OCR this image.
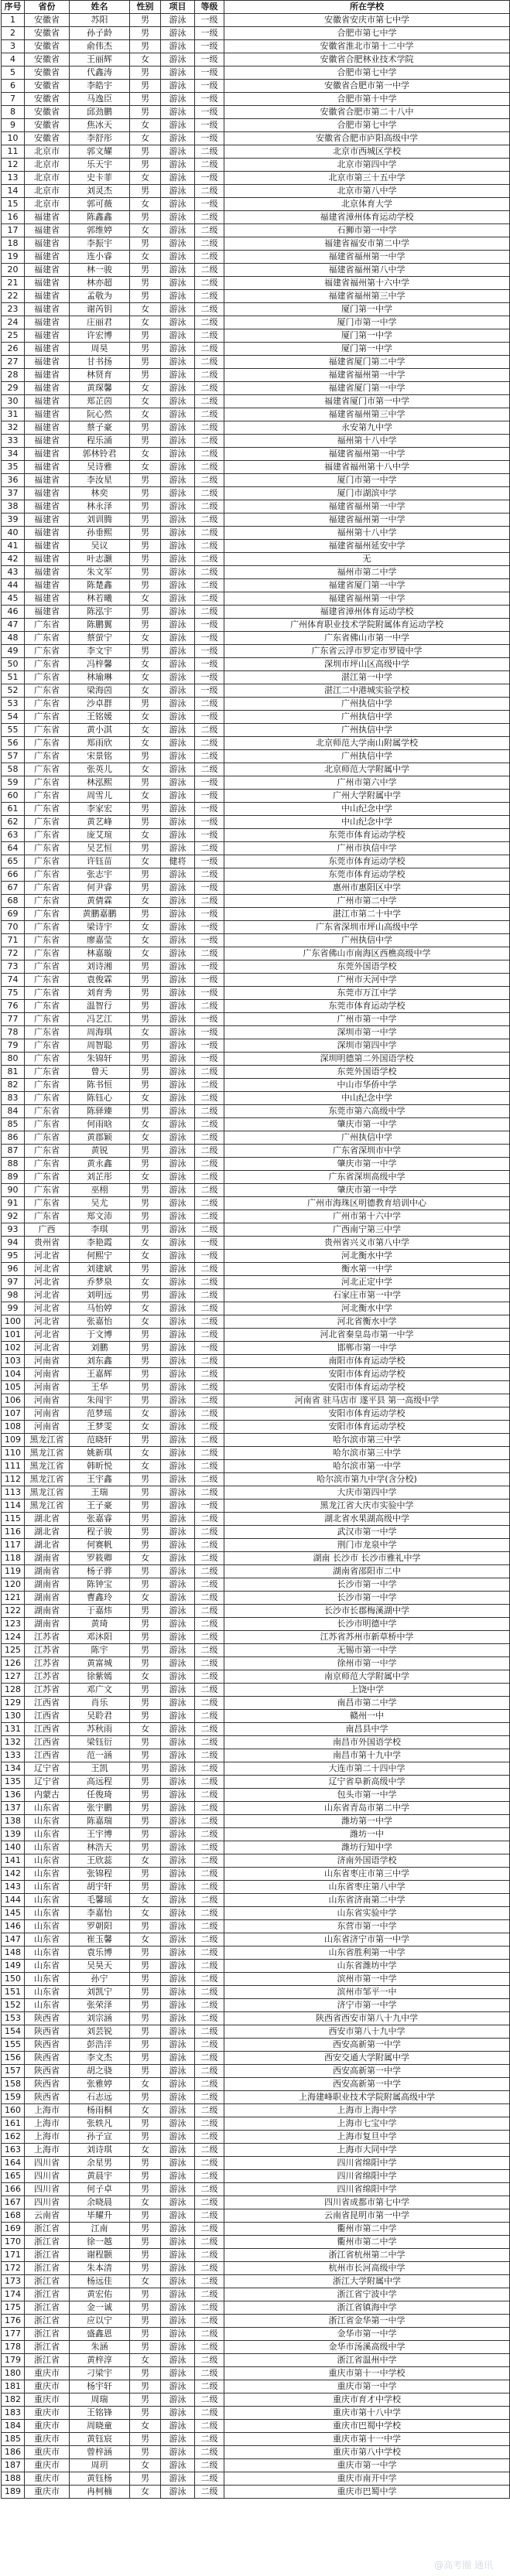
序号	省份	姓名	性别	项目	等级	所在学校
1	安徽省	苏阳	男	游泳	一级	安徽省安庆市第七中学
2	安徽省	孙子龄	男	游泳	一级	合肥市第七中学
3	安徽省	俞伟杰	男	游泳	一级	安徽省淮北市第十二中学
4	安徽省	王丽辉	女	游泳	一级	安徽省合肥林业技术学院
5	安徽省	代鑫涛	男	游泳	一级	合肥市第七中学
6	安徽省	李皓宇	男	游泳	一级	安徽省合肥市第一中学
7	安徽省	马逸臣	男	游泳	一级	合肥市第十中学
8	安徽省	邱劲鹏	男	游泳	一级	安徽省合肥市第二十八中
9	安徽省	焦冰天	女	游泳	一级	合肥市第七中学
10	安徽省	李舒彤	女	游泳	一级	安徽省合肥市庐阳高级中学
11	北京市	郭文耀	男	游泳	二级	北京市西城区学校
12	北京市	乐天宇	男	游泳	二级	北京市第四中学
13	北京市	史卡菲	女	游泳	一级	北京市第三十五中学
14	北京市	刘灵杰	男	游泳	二级	北京市第八中学
15	北京市	郭可薇	女	游泳	一级	北京体育大学
16	福建省	陈鑫鑫	男	游泳	二级	福建省漳州体育运动学校
17	福建省	郭维婷	女	游泳	二级	石狮市第一中学
18	福建省	李振宇	男	游泳	二级	福建省福安市第二中学
19	福建省	连小睿	女	游泳	二级	福建省福州第一中学
20	福建省	林一骏	男	游泳	二级	福建省福州第八中学
21	福建省	林亦超	男	游泳	二级	福建省福州第十六中学
22	福建省	孟敬为	男	游泳	二级	福建省福州第三中学
23	福建省	谢芮钥	女	游泳	二级	厦门第一中学
24	福建省	庄丽君	女	游泳	二级	厦门市第一中学
25	福建省	许宏博	男	游泳	二级	厦门第一中学
26	福建省	周昊	男	游泳	二级	厦门第一中学
27	福建省	甘书扬	男	游泳	二级	福建省厦门第二中学
28	福建省	林贤育	男	游泳	二级	福建省福州第一中学
29	福建省	黄琛馨	女	游泳	二级	福建省厦门第一中学
30	福建省	郑芷茵	女	游泳	二级	福建省厦门市第一中学
31	福建省	阮心然	女	游泳	二级	福建省福州第三中学
32	福建省	蔡子豪	男	游泳	二级	永安第九中学
33	福建省	程乐涌	男	游泳	二级	福州第十八中学
34	福建省	郭林铃君	女	游泳	二级	福建省福州第一中学
35	福建省	吴诗雅	女	游泳	二级	福建省福州第十八中学
36	福建省	李汝星	男	游泳	二级	厦门市第一中学
37	福建省	林奕	男	游泳	二级	厦门市湖滨中学
38	福建省	林永泽	男	游泳	二级	福建省福州第一中学
39	福建省	刘训腾	男	游泳	二级	福建省福州第一中学
40	福建省	孙垂熙	男	游泳	二级	福州第十八中学
41	福建省	吴议	男	游泳	二级	福建省福州延安中学
42	福建省	叶志灏	男	游泳	二级	无
43	福建省	朱文军	男	游泳	二级	福州市第二中学
44	福建省	陈楚鑫	男	游泳	二级	福建省厦门第一中学
45	福建省	林若曦	女	游泳	二级	福建省福州第一中学
46	福建省	陈泓宇	男	游泳	二级	福建省漳州体育运动学校
47	广东省	陈鹏翼	男	游泳	一级	广州体育职业技术学院附属体育运动学校
48	广东省	蔡萤宁	女	游泳	一级	广东省佛山市第一中学
49	广东省	李文宇	男	游泳	一级	广东省云浮市罗定市罗镜中学
50	广东省	冯梓馨	女	游泳	一级	深圳市坪山区高级中学
51	广东省	林瑜琳	女	游泳	一级	湛江第一中学
52	广东省	梁海茵	女	游泳	一级	湛江二中港城实验学校
53	广东省	沙卓群	男	游泳	二级	广州执信中学
54	广东省	王铭媛	女	游泳	一级	广州执信中学
55	广东省	黄小淇	女	游泳	二级	广州执信中学
56	广东省	郑雨欣	女	游泳	二级	北京师范大学南山附属学校
57	广东省	宋景铭	男	游泳	二级	广州执信中学
58	广东省	张英儿	女	游泳	二级	北京师范大学附属中学
59	广东省	林泓熙	男	游泳	一级	广州市第六中学
60	广东省	周雪儿	女	游泳	一级	广州大学附属中学
61	广东省	李家宏	男	游泳	一级	中山纪念中学
62	广东省	黄艺峰	男	游泳	一级	中山纪念中学
63	广东省	庞艾瑄	女	游泳	一级	东莞市体育运动学校
64	广东省	吴艺恒	男	游泳	二级	广州市执信中学
65	广东省	许钰苗	女	健将	一级	东莞市体育运动学校
66	广东省	张志宇	男	游泳	二级	东莞市体育运动学校
67	广东省	何尹睿	男	游泳	一级	惠州市惠阳区中学
68	广东省	黄倩霖	女	游泳	二级	广州市第二中学
69	广东省	黄鹏嘉鹏	男	游泳	一级	湛江市第二十中学
70	广东省	梁诗宇	女	游泳	一级	广东省深圳市坪山高级中学
71	广东省	廖嘉莹	女	游泳	一级	广州执信中学
72	广东省	林嘉璇	女	游泳	二级	广东省佛山市南海区西樵高级中学
73	广东省	刘诗湘	男	游泳	一级	东莞外国语学校
74	广东省	袁俊霖	男	游泳	一级	广州市天河中学
75	广东省	刘育秀	男	游泳	一级	东莞市万江中学
76	广东省	温智行	男	游泳	二级	东莞市体育运动学校
77	广东省	冯艺江	男	游泳	一级	广州市第一中学
78	广东省	周海琪	女	游泳	一级	深圳市第一中学
79	广东省	周智聪	男	游泳	一级	深圳市第四中学
80	广东省	朱锦轩	男	游泳	一级	深圳明德第二外国语学校
81	广东省	曾天	男	游泳	二级	东莞外国语学校
82	广东省	陈书恒	男	游泳	二级	中山市华侨中学
83	广东省	陈钰心	女	游泳	二级	中山纪念中学
84	广东省	陈驿臻	男	游泳	二级	东莞市第六高级中学
85	广东省	何雨晗	女	游泳	二级	肇庆市第一中学
86	广东省	黄郡颖	女	游泳	二级	广州执信中学
87	广东省	黄锐	男	游泳	二级	广东省深圳市中学
88	广东省	黄永鑫	男	游泳	二级	肇庆市第一中学
89	广东省	刘芷彤	女	游泳	二级	广东省深圳高级中学
90	广东省	巫栩	男	游泳	二级	肇庆市第一中学
91	广东省	吴尤	男	游泳	二级	广州市海珠区明德教育培训中心
92	广东省	郑文沛	男	游泳	二级	广州市第十六中学
93	广西	李琪	男	游泳	二级	广西南宁第三中学
94	贵州省	李艳霞	女	游泳	一级	贵州省兴义市第八中学
95	河北省	何熙宁	女	游泳	一级	河北衡水中学
96	河北省	刘建斌	男	游泳	二级	衡水第一中学
97	河北省	乔梦泉	女	游泳	二级	河北正定中学
98	河北省	刘明远	男	游泳	二级	石家庄市第一中学
99	河北省	马怡婷	女	游泳	二级	河北衡水中学
100	河北省	张嘉怡	女	游泳	二级	河北省衡水中学
101	河北省	于文博	男	游泳	二级	河北省秦皇岛市第一中学
102	河北省	刘鹏	男	游泳	一级	邯郸市第一中学
103	河南省	刘东鑫	男	游泳	二级	南阳市体育运动学校
104	河南省	王嘉辉	男	游泳	二级	安阳市体育运动学校
105	河南省	王华	男	游泳	二级	安阳市体育运动学校
106	河南省	朱闯宇	男	游泳	二级	河南省 驻马店市 遂平县 第一高级中学
107	河南省	范梦瑶	女	游泳	二级	安阳市体育运动学校
108	河南省	王梦雯	女	游泳	二级	安阳市体育运动学校
109	黑龙江省	范晓轩	男	游泳	二级	哈尔滨市第三中学
110	黑龙江省	姚新琪	女	游泳	二级	哈尔滨市第三中学
111	黑龙江省	韩昕悦	女	游泳	二级	哈尔滨市第一中学
112	黑龙江省	王宇鑫	男	游泳	二级	哈尔滨市第九中学(含分校)
113	黑龙江省	王瑞	男	游泳	二级	大庆市第四中学
114	黑龙江省	王子豪	男	游泳	一级	黑龙江省大庆市实验中学
115	湖北省	张嘉睿	男	游泳	二级	湖北省水果湖高级中学
116	湖北省	程子骏	男	游泳	二级	武汉市第一中学
117	湖北省	何赛帆	男	游泳	二级	荆门市龙泉中学
118	湖南省	罗筱卿	女	游泳	二级	湖南 长沙市 长沙市雅礼中学
119	湖南省	杨子骅	男	游泳	二级	湖南省邵阳市二中
120	湖南省	陈钟宝	男	游泳	二级	长沙市第一中学
121	湖南省	曹鑫玲	女	游泳	二级	长沙市第一中学
122	湖南省	于嘉炜	男	游泳	二级	长沙市长郡梅溪湖中学
123	湖南省	黄琦	男	游泳	二级	长沙市明德中学
124	江苏省	邓沐阳	男	游泳	二级	江苏省苏州市新草桥中学
125	江苏省	陈宇	男	游泳	二级	无锡市第一中学
126	江苏省	黄富城	男	游泳	二级	徐州市第一中学
127	江苏省	徐紫嫣	女	游泳	二级	南京师范大学附属中学
128	江苏省	邓广文	男	游泳	二级	上饶中学
129	江西省	肖乐	男	游泳	二级	南昌市第二中学
130	江西省	吴聆君	男	游泳	二级	赣州一中
131	江西省	苏秋雨	女	游泳	二级	南昌县中学
132	江西省	梁钰衍	男	游泳	二级	南昌市外国语学校
133	江西省	范一涵	男	游泳	二级	南昌市第十九中学
134	辽宁省	王凯	男	游泳	二级	大连市第二十四中学
135	辽宁省	高远程	男	游泳	二级	辽宁省阜新高级中学
136	内蒙古	任俊琦	男	游泳	二级	包头市第一中学
137	山东省	张宇鹏	男	游泳	二级	山东省青岛市第二中学
138	山东省	陈嘉瑞	男	游泳	二级	潍坊第一中学
139	山东省	王宇博	男	游泳	二级	潍坊一中
140	山东省	林浩天	男	游泳	二级	潍坊行知中学
141	山东省	王欣蕊	女	游泳	二级	济南外国语学校
142	山东省	张锦程	男	游泳	二级	山东省枣庄市第三中学
143	山东省	胡宇轩	男	游泳	二级	山东省枣庄第八中学
144	山东省	毛馨瑶	女	游泳	二级	山东省济南第二中学
145	山东省	李嘉怡	女	游泳	二级	山东省实验中学
146	山东省	罗朝阳	男	游泳	二级	东营市第一中学
147	山东省	崔玉馨	女	游泳	二级	山东省济宁市第一中学
148	山东省	袁乐博	男	游泳	二级	山东省胜利第一中学
149	山东省	吴昊天	男	游泳	二级	山东省潍坊中学
150	山东省	孙宁	男	游泳	二级	滨州市第一中学
151	山东省	刘凯宁	男	游泳	二级	滨州市邹平一中
152	山东省	张荣泽	男	游泳	二级	济宁市第一中学
153	陕西省	刘宗涵	男	游泳	二级	陕西省西安市第八十九中学
154	陕西省	刘芸锐	男	游泳	二级	西安市第八十九中学
155	陕西省	彭浩洋	男	游泳	二级	西安高新第一中学
156	陕西省	李文杰	男	游泳	二级	西安交通大学附属中学
157	陕西省	胡之骁	男	游泳	二级	西安高新第一中学
158	陕西省	张雅婷	女	游泳	二级	西安高新第一中学
159	陕西省	石志远	男	游泳	二级	上海建峰职业技术学院附属高级中学
160	上海市	杨雨桐	女	游泳	二级	上海市上海中学
161	上海市	张轶凡	男	游泳	二级	上海市七宝中学
162	上海市	孙子宣	男	游泳	二级	上海市复旦中学
163	上海市	刘诗琪	女	游泳	二级	上海市大同中学
164	四川省	余星男	男	游泳	二级	四川省绵阳中学
165	四川省	黄晨宇	男	游泳	二级	四川省绵阳中学
166	四川省	何子卓	男	游泳	二级	四川省绵阳中学
167	四川省	余晓晨	女	游泳	二级	四川省成都市第七中学
168	云南省	毕耀升	男	游泳	二级	云南省昆明市第一中学
169	浙江省	江南	男	游泳	二级	衢州市第二中学
170	浙江省	徐一越	男	游泳	二级	衢州市第二中学
171	浙江省	谢程颢	男	游泳	二级	浙江省杭州第二中学
172	浙江省	朱本清	男	游泳	二级	杭州市长河高级中学
173	浙江省	杨远佳	女	游泳	二级	浙江大学附属中学
174	浙江省	黄宏佑	男	游泳	二级	浙江省宁波中学
175	浙江省	金一诚	男	游泳	二级	浙江省镇海中学
176	浙江省	应以宁	男	游泳	二级	浙江省金华第一中学
177	浙江省	盛鑫恩	男	游泳	二级	金华市第一中学
178	浙江省	朱涵	男	游泳	二级	金华市汤溪高级中学
179	浙江省	黄梓淳	女	游泳	二级	浙江省温州中学
180	重庆市	刁梁宇	男	游泳	二级	重庆市第十一中学校
181	重庆市	杨宇轩	男	游泳	二级	重庆市第一中学
182	重庆市	周瑞	男	游泳	二级	重庆市育才中学校
183	重庆市	王铭锋	男	游泳	二级	重庆市第十八中学
184	重庆市	周晓童	女	游泳	二级	重庆市巴蜀中学校
185	重庆市	黄钰宸	男	游泳	二级	重庆市第十一中学
186	重庆市	曾梓涵	男	游泳	二级	重庆市第八中学校
187	重庆市	周玥	女	游泳	二级	重庆市第一中学
188	重庆市	黄钰杨	男	游泳	二级	重庆市南开中学
189	重庆市	冉柯楠	女	游泳	二级	重庆市巴蜀中学
@高考圈 通讯
